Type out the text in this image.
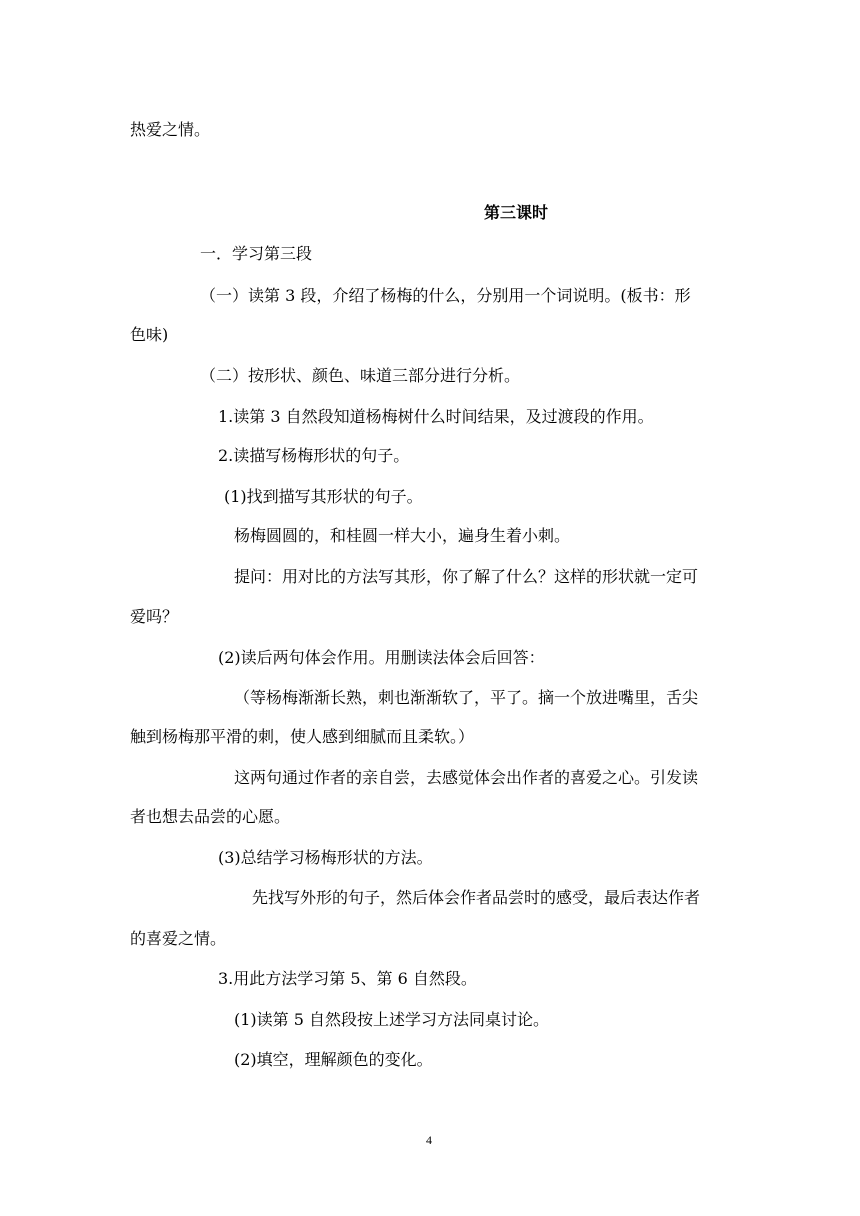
热爱之情。
第三课时
一．学习第三段
（一）读第 3 段，介绍了杨梅的什么，分别用一个词说明。(板书：形
色味)
（二）按形状、颜色、味道三部分进行分析。
1.读第 3 自然段知道杨梅树什么时间结果，及过渡段的作用。
2.读描写杨梅形状的句子。
(1)找到描写其形状的句子。
杨梅圆圆的，和桂圆一样大小，遍身生着小刺。
提问：用对比的方法写其形，你了解了什么？这样的形状就一定可
爱吗？
(2)读后两句体会作用。用删读法体会后回答：
（等杨梅渐渐长熟，刺也渐渐软了，平了。摘一个放进嘴里，舌尖
触到杨梅那平滑的刺，使人感到细腻而且柔软。）
这两句通过作者的亲自尝，去感觉体会出作者的喜爱之心。引发读
者也想去品尝的心愿。
(3)总结学习杨梅形状的方法。
先找写外形的句子，然后体会作者品尝时的感受，最后表达作者
的喜爱之情。
3.用此方法学习第 5、第 6 自然段。
(1)读第 5 自然段按上述学习方法同桌讨论。
(2)填空，理解颜色的变化。
4
